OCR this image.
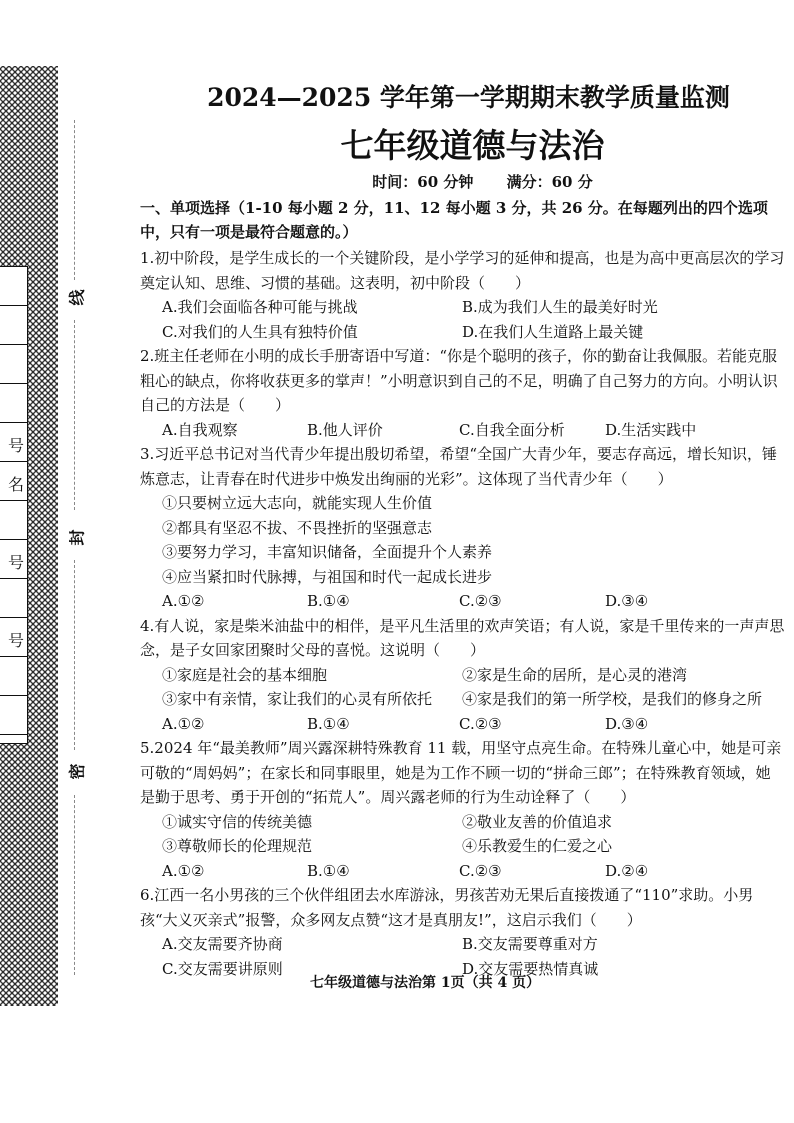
号
名
号
号
线
封
密
2024—2025 学年第一学期期末教学质量监测
七年级道德与法治
时间：60 分钟 满分：60 分
一、单项选择（1-10 每小题 2 分，11、12 每小题 3 分，共 26 分。在每题列出的四个选项中，只有一项是最符合题意的。）

1.初中阶段，是学生成长的一个关键阶段，是小学学习的延伸和提高，也是为高中更高层次的学习奠定认知、思维、习惯的基础。这表明，初中阶段（　　）

A.我们会面临各种可能与挑战	B.成为我们人生的最美好时光
C.对我们的人生具有独特价值	D.在我们人生道路上最关键

2.班主任老师在小明的成长手册寄语中写道：“你是个聪明的孩子，你的勤奋让我佩服。若能克服粗心的缺点，你将收获更多的掌声！”小明意识到自己的不足，明确了自己努力的方向。小明认识自己的方法是（　　）

A.自我观察	B.他人评价	C.自我全面分析	D.生活实践中

3.习近平总书记对当代青少年提出殷切希望，希望“全国广大青少年，要志存高远，增长知识，锤炼意志，让青春在时代进步中焕发出绚丽的光彩”。这体现了当代青少年（　　）

①只要树立远大志向，就能实现人生价值
②都具有坚忍不拔、不畏挫折的坚强意志
③要努力学习，丰富知识储备，全面提升个人素养
④应当紧扣时代脉搏，与祖国和时代一起成长进步
A.①②	B.①④	C.②③	D.③④

4.有人说，家是柴米油盐中的相伴，是平凡生活里的欢声笑语；有人说，家是千里传来的一声声思念，是子女回家团聚时父母的喜悦。这说明（　　）

①家庭是社会的基本细胞	②家是生命的居所，是心灵的港湾
③家中有亲情，家让我们的心灵有所依托	④家是我们的第一所学校，是我们的修身之所
A.①②	B.①④	C.②③	D.③④

5.2024 年“最美教师”周兴露深耕特殊教育 11 载，用坚守点亮生命。在特殊儿童心中，她是可亲可敬的“周妈妈”；在家长和同事眼里，她是为工作不顾一切的“拼命三郎”；在特殊教育领域，她是勤于思考、勇于开创的“拓荒人”。周兴露老师的行为生动诠释了（　　）

①诚实守信的传统美德	②敬业友善的价值追求
③尊敬师长的伦理规范	④乐教爱生的仁爱之心
A.①②	B.①④	C.②③	D.②④

6.江西一名小男孩的三个伙伴组团去水库游泳，男孩苦劝无果后直接拨通了“110”求助。小男孩“大义灭亲式”报警，众多网友点赞“这才是真朋友!”，这启示我们（　　）

A.交友需要齐协商	B.交友需要尊重对方
C.交友需要讲原则	D.交友需要热情真诚
七年级道德与法治第 1页（共 4 页）
